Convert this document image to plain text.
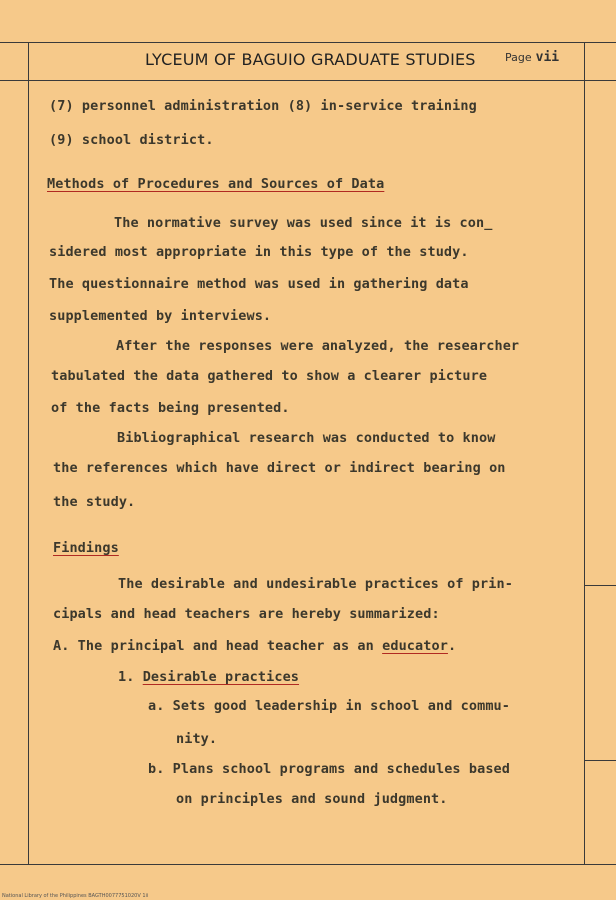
LYCEUM OF BAGUIO GRADUATE STUDIES	Page vii
(7) personnel administration (8) in-service training
(9) school district.
Methods of Procedures and Sources of Data
The normative survey was used since it is con_
sidered most appropriate in this type of the study.
The questionnaire method was used in gathering data
supplemented by interviews.
After the responses were analyzed, the researcher
tabulated the data gathered to show a clearer picture
of the facts being presented.
Bibliographical research was conducted to know
the references which have direct or indirect bearing on
the study.
Findings
The desirable and undesirable practices of prin-
cipals and head teachers are hereby summarized:
A. The principal and head teacher as an educator.
1. Desirable practices
a. Sets good leadership in school and commu-
nity.
b. Plans school programs and schedules based
on principles and sound judgment.
National Library of the Philippines BAGTH0077751020V 1ii
